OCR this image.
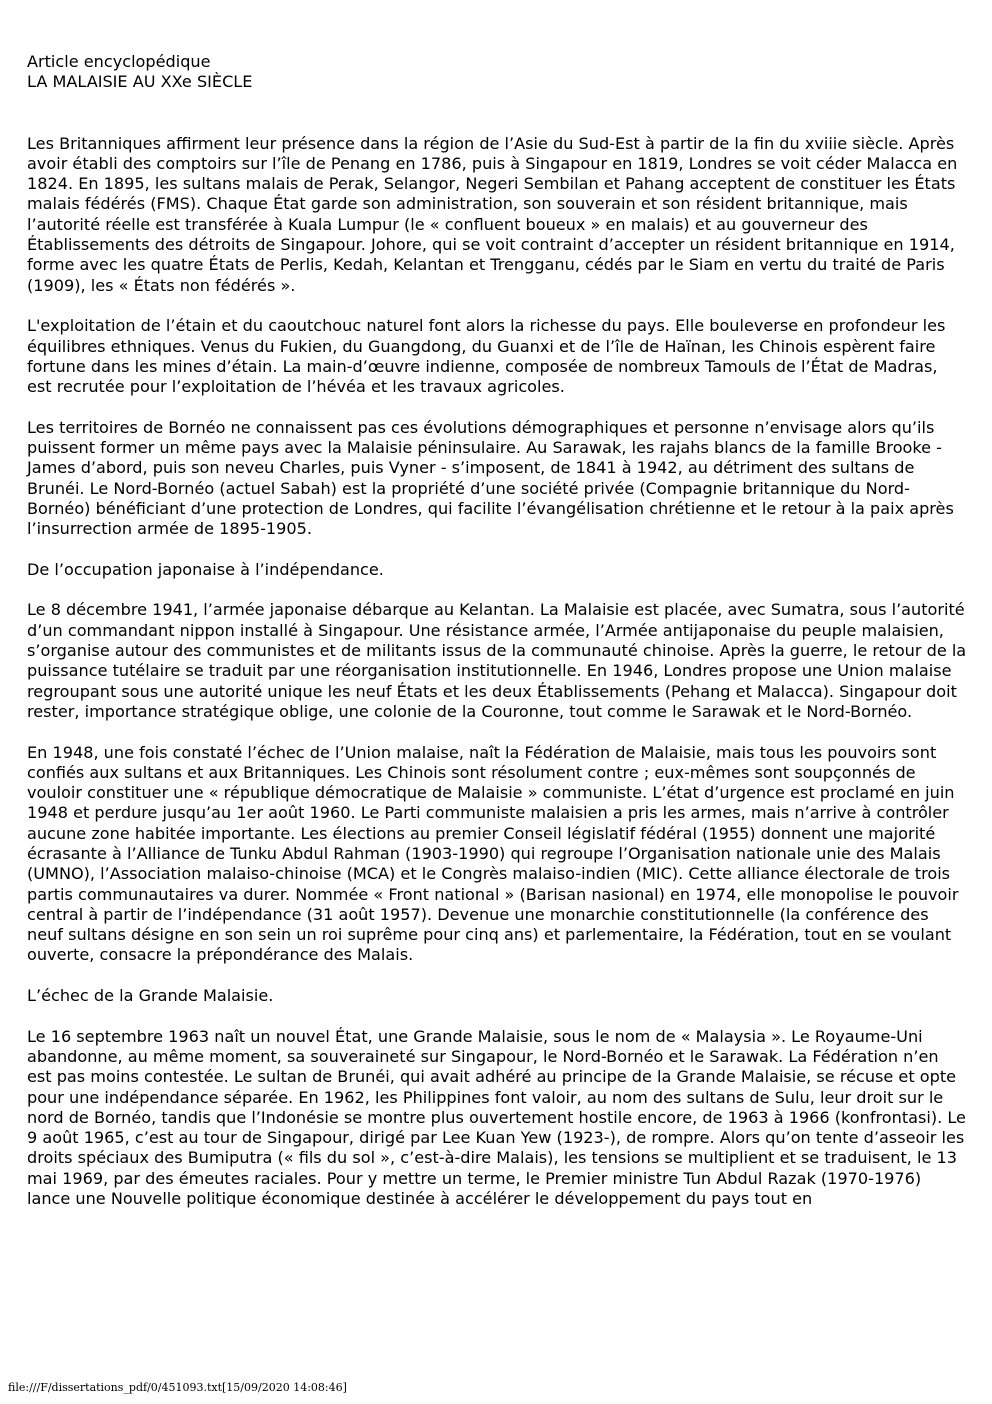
Article encyclopédique
LA MALAISIE AU XXe SIÈCLE

Les Britanniques affirment leur présence dans la région de l’Asie du Sud-Est à partir de la fin du xviiie siècle. Après avoir établi des comptoirs sur l’île de Penang en 1786, puis à Singapour en 1819, Londres se voit céder Malacca en 1824. En 1895, les sultans malais de Perak, Selangor, Negeri Sembilan et Pahang acceptent de constituer les États malais fédérés (FMS). Chaque État garde son administration, son souverain et son résident britannique, mais l’autorité réelle est transférée à Kuala Lumpur (le « confluent boueux » en malais) et au gouverneur des Établissements des détroits de Singapour. Johore, qui se voit contraint d’accepter un résident britannique en 1914, forme avec les quatre États de Perlis, Kedah, Kelantan et Trengganu, cédés par le Siam en vertu du traité de Paris (1909), les « États non fédérés ».

L'exploitation de l’étain et du caoutchouc naturel font alors la richesse du pays. Elle bouleverse en profondeur les équilibres ethniques. Venus du Fukien, du Guangdong, du Guanxi et de l’île de Haïnan, les Chinois espèrent faire fortune dans les mines d’étain. La main-d’œuvre indienne, composée de nombreux Tamouls de l’État de Madras, est recrutée pour l’exploitation de l’hévéa et les travaux agricoles.

Les territoires de Bornéo ne connaissent pas ces évolutions démographiques et personne n’envisage alors qu’ils puissent former un même pays avec la Malaisie péninsulaire. Au Sarawak, les rajahs blancs de la famille Brooke - James d’abord, puis son neveu Charles, puis Vyner - s’imposent, de 1841 à 1942, au détriment des sultans de Brunéi. Le Nord-Bornéo (actuel Sabah) est la propriété d’une société privée (Compagnie britannique du Nord-Bornéo) bénéficiant d’une protection de Londres, qui facilite l’évangélisation chrétienne et le retour à la paix après l’insurrection armée de 1895-1905.

De l’occupation japonaise à l’indépendance.

Le 8 décembre 1941, l’armée japonaise débarque au Kelantan. La Malaisie est placée, avec Sumatra, sous l’autorité d’un commandant nippon installé à Singapour. Une résistance armée, l’Armée antijaponaise du peuple malaisien, s’organise autour des communistes et de militants issus de la communauté chinoise. Après la guerre, le retour de la puissance tutélaire se traduit par une réorganisation institutionnelle. En 1946, Londres propose une Union malaise regroupant sous une autorité unique les neuf États et les deux Établissements (Pehang et Malacca). Singapour doit rester, importance stratégique oblige, une colonie de la Couronne, tout comme le Sarawak et le Nord-Bornéo.

En 1948, une fois constaté l’échec de l’Union malaise, naît la Fédération de Malaisie, mais tous les pouvoirs sont confiés aux sultans et aux Britanniques. Les Chinois sont résolument contre ; eux-mêmes sont soupçonnés de vouloir constituer une « république démocratique de Malaisie » communiste. L’état d’urgence est proclamé en juin 1948 et perdure jusqu’au 1er août 1960. Le Parti communiste malaisien a pris les armes, mais n’arrive à contrôler aucune zone habitée importante. Les élections au premier Conseil législatif fédéral (1955) donnent une majorité écrasante à l’Alliance de Tunku Abdul Rahman (1903-1990) qui regroupe l’Organisation nationale unie des Malais (UMNO), l’Association malaiso-chinoise (MCA) et le Congrès malaiso-indien (MIC). Cette alliance électorale de trois partis communautaires va durer. Nommée « Front national » (Barisan nasional) en 1974, elle monopolise le pouvoir central à partir de l’indépendance (31 août 1957). Devenue une monarchie constitutionnelle (la conférence des neuf sultans désigne en son sein un roi suprême pour cinq ans) et parlementaire, la Fédération, tout en se voulant ouverte, consacre la prépondérance des Malais.

L’échec de la Grande Malaisie.

Le 16 septembre 1963 naît un nouvel État, une Grande Malaisie, sous le nom de « Malaysia ». Le Royaume-Uni abandonne, au même moment, sa souveraineté sur Singapour, le Nord-Bornéo et le Sarawak. La Fédération n’en est pas moins contestée. Le sultan de Brunéi, qui avait adhéré au principe de la Grande Malaisie, se récuse et opte pour une indépendance séparée. En 1962, les Philippines font valoir, au nom des sultans de Sulu, leur droit sur le nord de Bornéo, tandis que l’Indonésie se montre plus ouvertement hostile encore, de 1963 à 1966 (konfrontasi). Le 9 août 1965, c’est au tour de Singapour, dirigé par Lee Kuan Yew (1923-), de rompre. Alors qu’on tente d’asseoir les droits spéciaux des Bumiputra (« fils du sol », c’est-à-dire Malais), les tensions se multiplient et se traduisent, le 13 mai 1969, par des émeutes raciales. Pour y mettre un terme, le Premier ministre Tun Abdul Razak (1970-1976) lance une Nouvelle politique économique destinée à accélérer le développement du pays tout en

file:///F/dissertations_pdf/0/451093.txt[15/09/2020 14:08:46]
